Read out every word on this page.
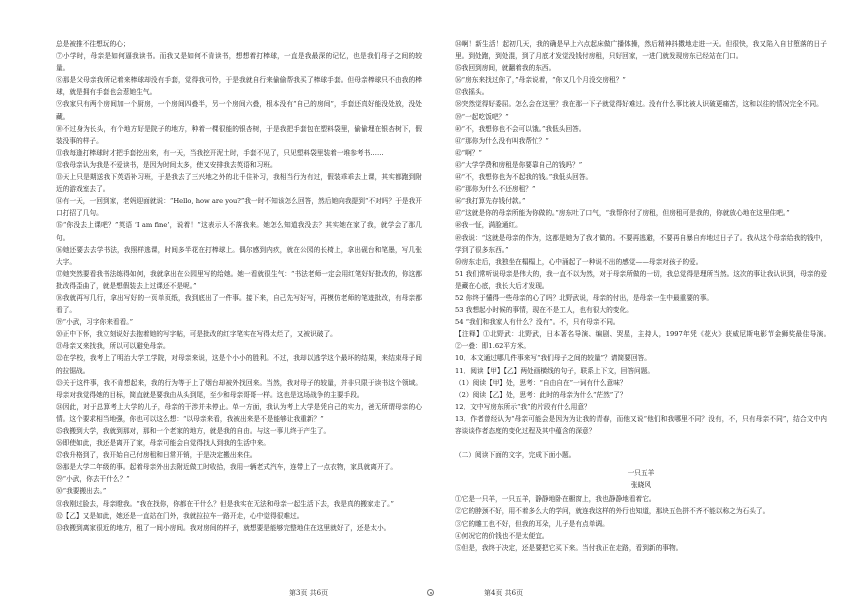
总是被推不往想玩的心；

⑦小学时，母亲是如何逼我读书。而我又是如何不肯读书，想想着打棒球，一直是我最深的记忆，也是我们母子之间的较量。

⑧那是父母亲我所记着来棒球却没有手套，觉得我可怜，于是我就自行来偷偷帮我买了棒球手套。但母亲棒球只不由我的棒球，就是拥有手套也会惹她生气。

⑨我家只有两个房间加一个厨房，一个房间四叠半，另一个房间六叠，根本没有“自己的房间”，手套还真好能没处放，没处藏。

⑩不过身为长头，有个地方好是院子的地方，种着一棵很能的银杏树，于是我把手套包在塑料袋里，偷偷埋在银杏树下，假装没事的样子。

⑪我每逢打棒球时才把手套挖出来，有一天，当我挖开泥土时，手套不见了，只见塑料袋里装着一堆参考书……

⑫我母亲认为我是不爱读书，是因为时间太多，使又安排我去英语和习班。

⑬天上只是期送我下英语补习班，于是我去了三兴地之外的北千住补习，我相当行为有过，假装乖乖去上课，其实都跑到附近的游戏室去了。

⑭有一天，一回到家，老妈迎面就说：“Hello, how are you?”我一时不知该怎么回答，然后她向我提到“不对吗？于是我开口打招了几句。

⑮“你没去上课吧？”英语 ‘I am fine’，说着！”这表示人不落我来。她怎么知道我没去？其实她在家了我，就学会了那几句。

⑯她还要去去学书法，我照样逃课，时间多半花在打棒球上。偶尔感到内疚，就在公园的长椅上，拿出砚台和笔墨，写几张大字。

⑰她突然要看我书法练得如何，我就拿出在公园里写的给她。她一看就很生气：“书法老师一定会用红笔好好批改的，你这都批改得歪曲了，就是想假装去上过课还不是呢。”

⑱我就再写几行，拿出写好的一页单页纸，我到底出了一件事。接下来，自己先写好写，再模仿老师的笔迹批改，有母亲都看了。

⑲“小武，习字你来看看。”

⑳正中下怀，我立刻说好去抱着她的写字帖，可是批改的红字笔实在写得太烂了，又被识破了。

㉑母亲又来找我，所以可以避免母亲。

㉒在学校，我考上了明治大学工学院，对母亲来说，这是个小小的胜利。不过，我却以逃学这个最坏的结果，来结束母子间的拉锯战。

㉓关于这件事，我不肯想起来，我的行为等于上了烟台却被外找回来。当然，我对母子的较量，并非只限于读书这个领域。母亲对我觉得她的目标，简直就是要我由从头到尾，至少和母亲哥哥一样。这也是这场战争的主要手段。

㉔因此，对于总算考上大学的儿子，母亲的干涉并未停止。单一方面，我认为考上大学是凭自己的实力，爸无所谓母亲的心情。这个要求相当地强，你也可以这么想：“以母亲来看，我被出来是不是能够让我重新？”

㉕我搬到大学，我就到那对，那和一个老家的地方，就是我的自由。与这一事儿终于产生了。

㉖即使如此，我还是离开了家，母亲可能会自觉得找人到我的生活中来。

㉗我升格到了，我开始自己付房租和日常开销，于是决定搬出来住。

㉘那是大学二年级的事。起着母亲外出去附近做工时收拾，我用一辆老式汽车，连带上了一点衣物，家具就离开了。

㉙“小武，你去干什么？”

㉚“我要搬出去。”

㉛我刚过脸去，母亲瞪我。“我在找你，你都在干什么？但是我实在无法和母亲一起生活下去，我是真的搬家走了。”

㉜【乙】又是如此，她还是一直站在门外，我就拉拉车一路开走，心中觉得很难过。

㉝我搬到离家很近的地方，租了一间小房间。我对房间的样子，就想要是能够完整地住在这里就好了，还是太小。

㉞啊！新生活！起初几天，我的确是早上六点起床做广播体操，然后精神抖擞地走进一天。但很快，我又陷入自甘堕落的日子里。到处跑，到处混，到了月底才发觉没钱付房租，只好回家，一进门就发现房东已经站在门口。

㉟我回到房间，就翻着我的东西。

㊱“房东来找过你了，”母亲说着，“你又几个月没交房租？”

㊲我摇头。

㊳突然觉得好委屈。怎么会在这里？我在那一下子就觉得好难过。没有什么事比被人识破更痛苦，这和以往的情况完全不同。

㊴“一起吃饭吧？”

㊵“不，我想你也不会可以饿。”我低头回答。

㊶“那你为什么没有叫我帮忙？”

㊷“啊？”

㊸“大学学费和房租是你要靠自己的钱吗？”

㊹“不，我想你也为不起我的钱。”我低头回答。

㊺“那你为什么不还房租？”

㊻“我打算先存钱付款。”

㊼“这就是你的母亲所能为你做的。”房东吐了口气，“我帮你付了房租，但房租可是我的，你就放心地在这里住吧。”

㊽我一怔，满脸通红。

㊾我说：“这就是母亲的作为，这都是她为了我才做的。不要再逃避，不要再自暴自弃地过日子了。我从这个母亲给我的钱中，学到了很多东西。”

㊿房东走后，我独坐在榻榻上，心中涌起了一种说不出的感觉——母亲对孩子的爱。

51 我们常听说母亲是伟大的，我一直不以为然，对于母亲所做的一切，我总觉得是理所当然。这次的事让我认识到，母亲的爱是藏在心底，我长大后才发现。

52 你终于懂得一些母亲的心了吗？北野武说，母亲的付出，是母亲一生中最重要的事。

53 我想起小时候的事情，现在不是工人，也有很大的变化。

54 “我们和我家人有什么？没有”。不，只有母亲不同。

【注释】①北野武：北野武，日本著名导演、编剧、哭星，主持人，1997年凭《花火》获威尼斯电影节金狮奖最佳导演。　　②一叠：即1.62平方米。

10．本文通过哪几件事来写“我们母子之间的较量”？请简要回答。

11．阅读【甲】【乙】两处画横线的句子，联系上下文，回答问题。

（1）阅读【甲】处，思考：“自由自在”一词有什么意味？

（2）阅读【乙】处，思考：此时的母亲为什么“茫然”了？

12．文中写房东所示“我”的片段有什么用意？

13．作者曾经认为“母亲可能会是因为为让我的青春，而他又说“他们和我哪里不同？没有，不，只有母亲不同”，结合文中内容谈谈作者态度的变化过程及其中蕴含的深意？

（二）阅读下面的文字，完成下面小题。

一只五羊

张晓风

①它是一只羊，一只五羊，静静地卧在橱窗上，我也静静地看着它。

②它的脖颈不好，用不着多么大的学问，就连我这样的外行也知道，那块五色拼不齐不能以称之为石头了。

③它的雕工也不好，但我的耳朵，儿子是有点单调。

④何况它的价钱也不是太便宜。

⑤但是，我终于决定，还是要把它买下来。当付我正在走路，看到新的事物。

第3页 共6页	第4页 共6页
